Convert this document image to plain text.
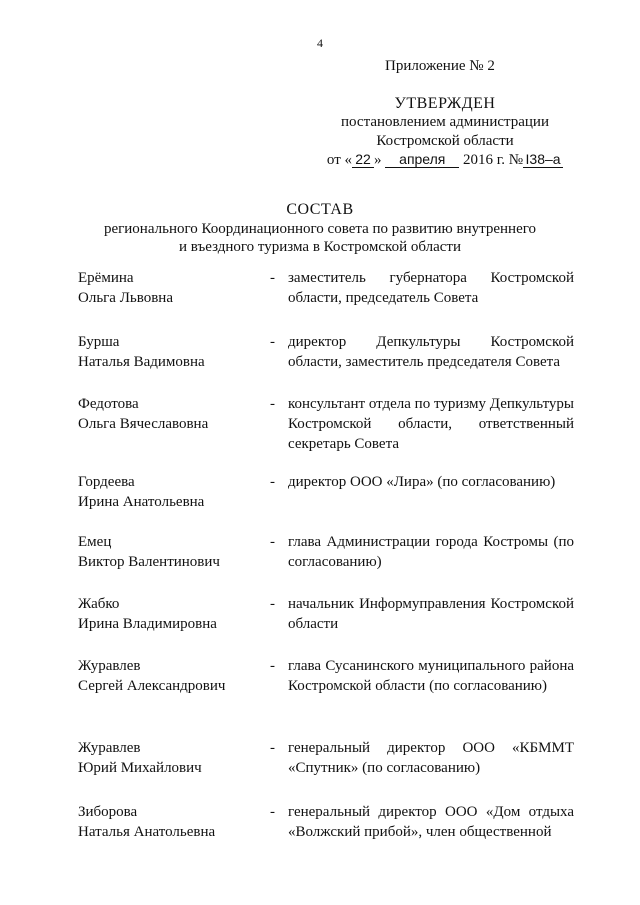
4
Приложение № 2
УТВЕРЖДЕН
постановлением администрации
Костромской области
от « 22 » апреля 2016 г. № I38–а
СОСТАВ
регионального Координационного совета по развитию внутреннего
и въездного туризма в Костромской области
Ерёмина
Ольга Львовна
- заместитель губернатора Костромской области, председатель Совета
Бурша
Наталья Вадимовна
- директор Депкультуры Костромской области, заместитель председателя Совета
Федотова
Ольга Вячеславовна
- консультант отдела по туризму Депкультуры Костромской области, ответственный секретарь Совета
Гордеева
Ирина Анатольевна
- директор ООО «Лира» (по согласованию)
Емец
Виктор Валентинович
- глава Администрации города Костромы (по согласованию)
Жабко
Ирина Владимировна
- начальник Информуправления Костромской области
Журавлев
Сергей Александрович
- глава Сусанинского муниципального района Костромской области (по согласованию)
Журавлев
Юрий Михайлович
- генеральный директор ООО «КБММТ «Спутник» (по согласованию)
Зиборова
Наталья Анатольевна
- генеральный директор ООО «Дом отдыха «Волжский прибой», член общественной
